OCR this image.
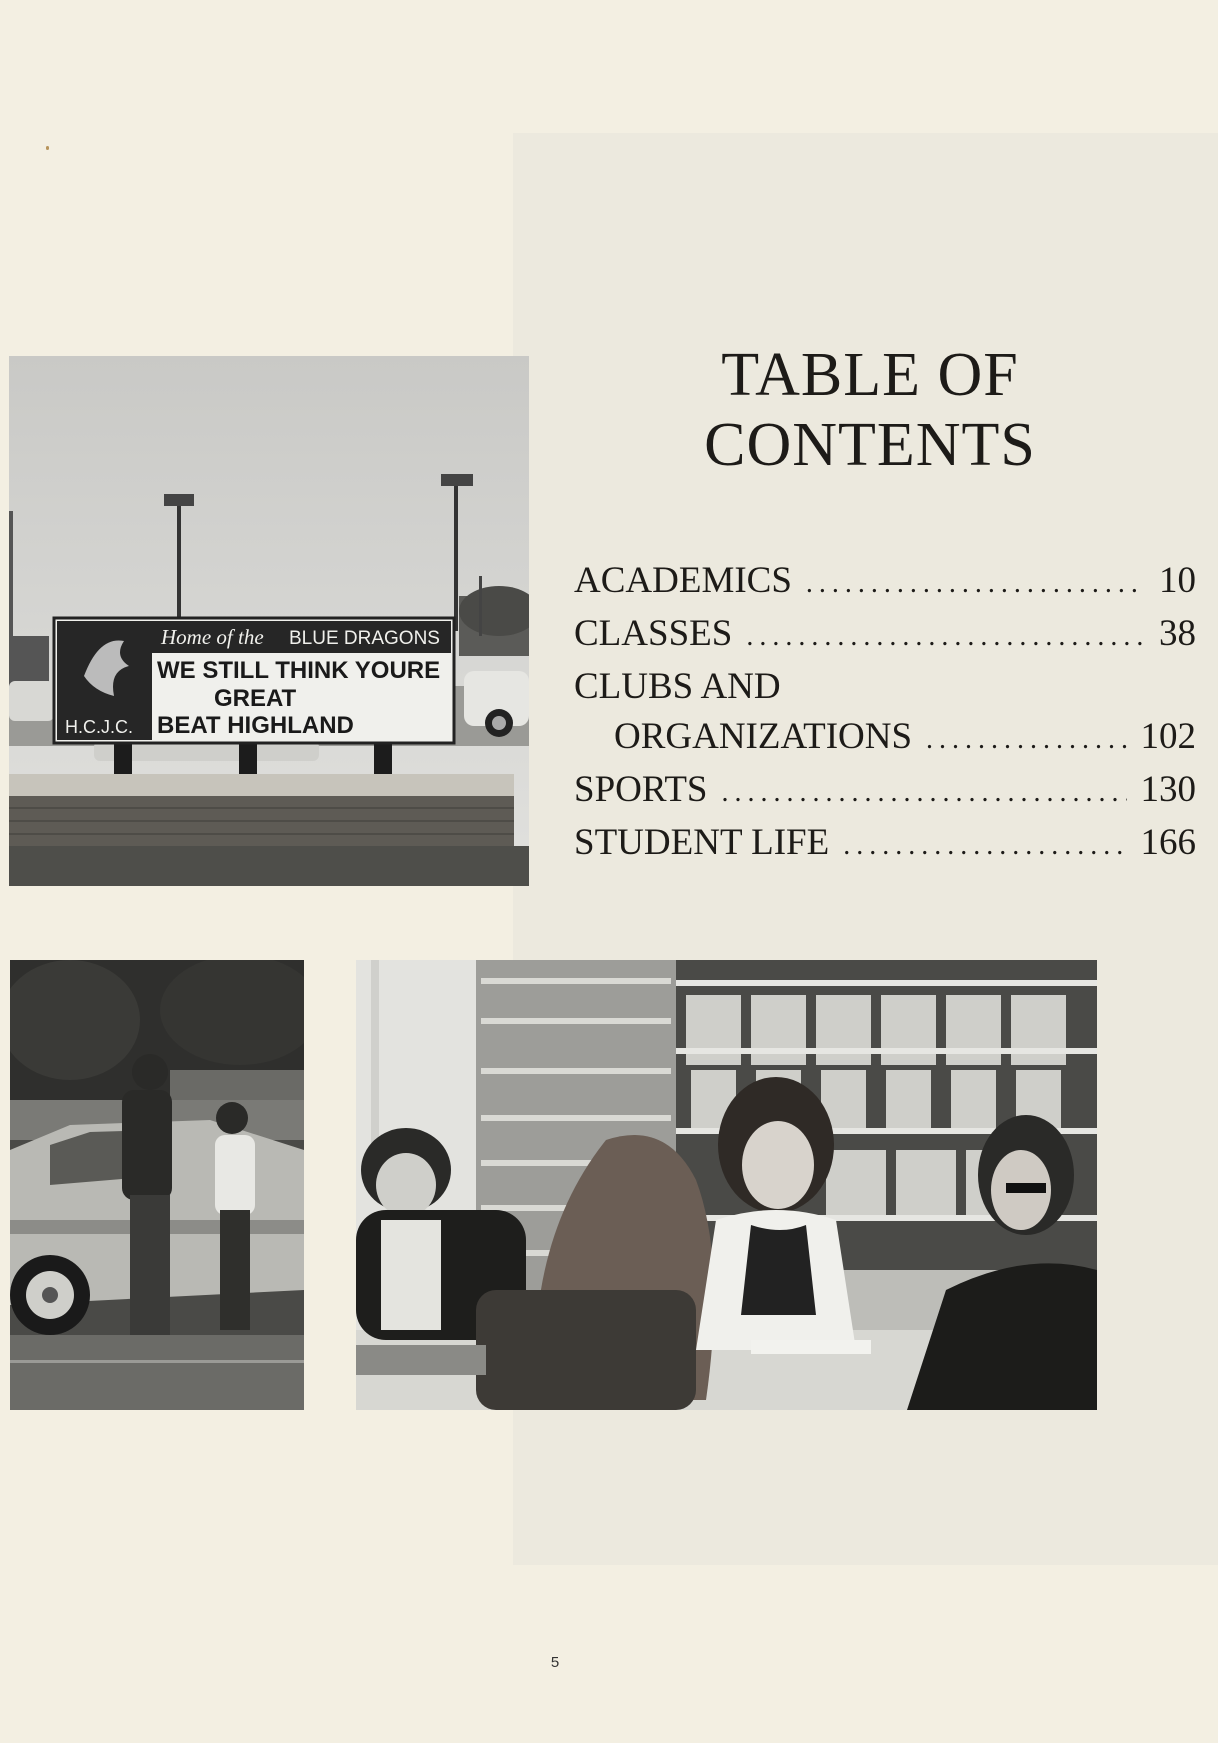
Home of the BLUE DRAGONS
WE STILL THINK YOURE
GREAT
BEAT HIGHLAND
H.C.J.C.
TABLE OF
CONTENTS
ACADEMICS .....	10
CLASSES .....	38
CLUBS AND
ORGANIZATIONS .....	102
SPORTS .....	130
STUDENT LIFE .....	166
5
